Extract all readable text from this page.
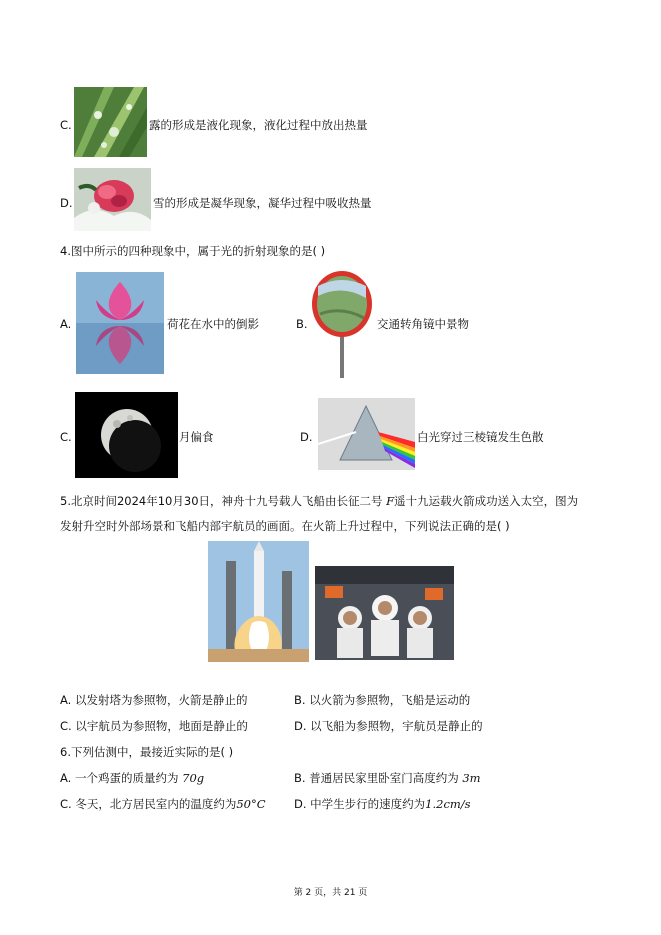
C.	露的形成是液化现象，液化过程中放出热量
D.	雪的形成是凝华现象，凝华过程中吸收热量
4.图中所示的四种现象中，属于光的折射现象的是( )
A.	荷花在水中的倒影	B.	交通转角镜中景物
C.	月偏食	D.	白光穿过三棱镜发生色散
5.北京时间2024年10月30日，神舟十九号载人飞船由长征二号 F遥十九运载火箭成功送入太空，图为
发射升空时外部场景和飞船内部宇航员的画面。在火箭上升过程中，下列说法正确的是( )
A. 以发射塔为参照物，火箭是静止的	B. 以火箭为参照物，飞船是运动的
C. 以宇航员为参照物，地面是静止的	D. 以飞船为参照物，宇航员是静止的
6.下列估测中，最接近实际的是( )
A. 一个鸡蛋的质量约为 70g	B. 普通居民家里卧室门高度约为 3m
C. 冬天，北方居民室内的温度约为50°C D. 中学生步行的速度约为1.2cm/s
第 2 页，共 21 页
